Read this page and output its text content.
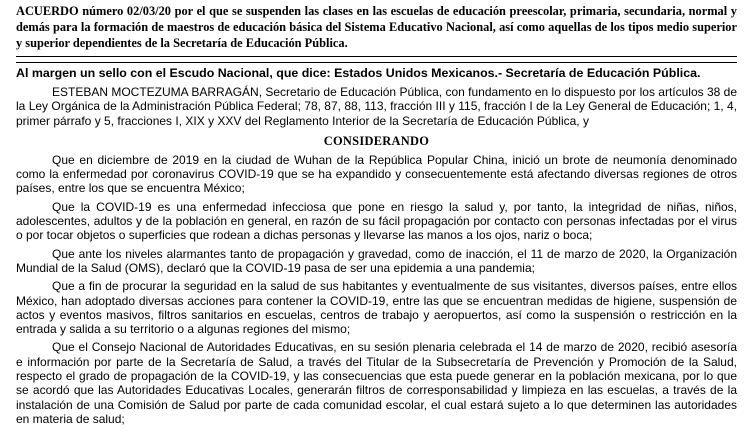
ACUERDO número 02/03/20 por el que se suspenden las clases en las escuelas de educación preescolar, primaria, secundaria, normal y demás para la formación de maestros de educación básica del Sistema Educativo Nacional, así como aquellas de los tipos medio superior y superior dependientes de la Secretaría de Educación Pública.
Al margen un sello con el Escudo Nacional, que dice: Estados Unidos Mexicanos.- Secretaría de Educación Pública.

ESTEBAN MOCTEZUMA BARRAGÁN, Secretario de Educación Pública, con fundamento en lo dispuesto por los artículos 38 de la Ley Orgánica de la Administración Pública Federal; 78, 87, 88, 113, fracción III y 115, fracción I de la Ley General de Educación; 1, 4, primer párrafo y 5, fracciones I, XIX y XXV del Reglamento Interior de la Secretaría de Educación Pública, y

CONSIDERANDO

Que en diciembre de 2019 en la ciudad de Wuhan de la República Popular China, inició un brote de neumonía denominado como la enfermedad por coronavirus COVID-19 que se ha expandido y consecuentemente está afectando diversas regiones de otros países, entre los que se encuentra México;

Que la COVID-19 es una enfermedad infecciosa que pone en riesgo la salud y, por tanto, la integridad de niñas, niños, adolescentes, adultos y de la población en general, en razón de su fácil propagación por contacto con personas infectadas por el virus o por tocar objetos o superficies que rodean a dichas personas y llevarse las manos a los ojos, nariz o boca;

Que ante los niveles alarmantes tanto de propagación y gravedad, como de inacción, el 11 de marzo de 2020, la Organización Mundial de la Salud (OMS), declaró que la COVID-19 pasa de ser una epidemia a una pandemia;

Que a fin de procurar la seguridad en la salud de sus habitantes y eventualmente de sus visitantes, diversos países, entre ellos México, han adoptado diversas acciones para contener la COVID-19, entre las que se encuentran medidas de higiene, suspensión de actos y eventos masivos, filtros sanitarios en escuelas, centros de trabajo y aeropuertos, así como la suspensión o restricción en la entrada y salida a su territorio o a algunas regiones del mismo;

Que el Consejo Nacional de Autoridades Educativas, en su sesión plenaria celebrada el 14 de marzo de 2020, recibió asesoría e información por parte de la Secretaría de Salud, a través del Titular de la Subsecretaría de Prevención y Promoción de la Salud, respecto el grado de propagación de la COVID-19, y las consecuencias que esta puede generar en la población mexicana, por lo que se acordó que las Autoridades Educativas Locales, generarán filtros de corresponsabilidad y limpieza en las escuelas, a través de la instalación de una Comisión de Salud por parte de cada comunidad escolar, el cual estará sujeto a lo que determinen las autoridades en materia de salud;
